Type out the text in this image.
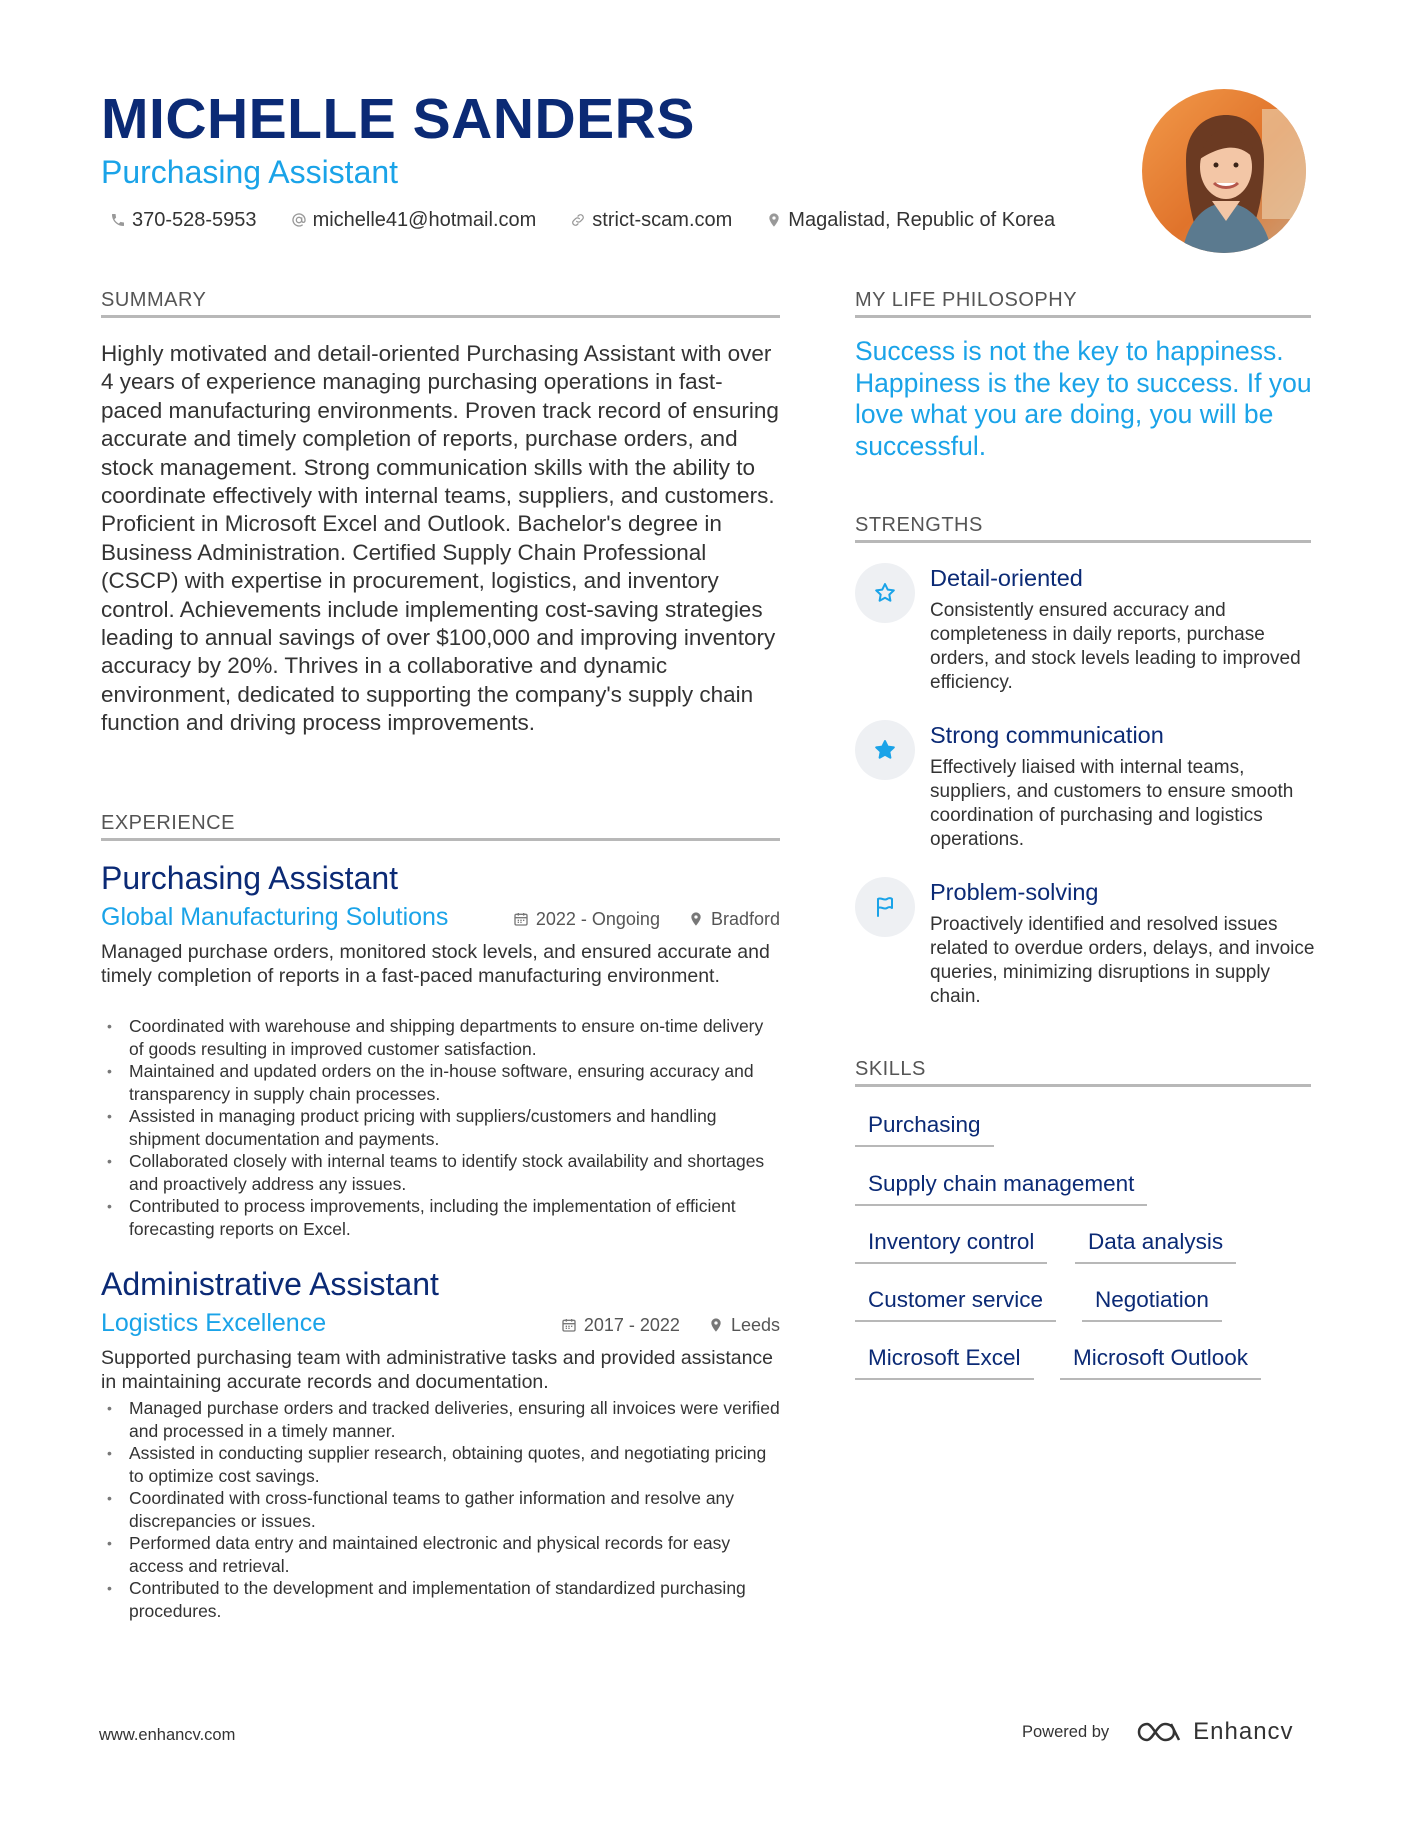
MICHELLE SANDERS
Purchasing Assistant
370-528-5953	michelle41@hotmail.com	strict-scam.com	Magalistad, Republic of Korea
SUMMARY
Highly motivated and detail-oriented Purchasing Assistant with over 4 years of experience managing purchasing operations in fast-paced manufacturing environments. Proven track record of ensuring accurate and timely completion of reports, purchase orders, and stock management. Strong communication skills with the ability to coordinate effectively with internal teams, suppliers, and customers. Proficient in Microsoft Excel and Outlook. Bachelor's degree in Business Administration. Certified Supply Chain Professional (CSCP) with expertise in procurement, logistics, and inventory control. Achievements include implementing cost-saving strategies leading to annual savings of over $100,000 and improving inventory accuracy by 20%. Thrives in a collaborative and dynamic environment, dedicated to supporting the company's supply chain function and driving process improvements.
EXPERIENCE
Purchasing Assistant
Global Manufacturing Solutions	2022 - Ongoing	Bradford
Managed purchase orders, monitored stock levels, and ensured accurate and timely completion of reports in a fast-paced manufacturing environment.
• Coordinated with warehouse and shipping departments to ensure on-time delivery of goods resulting in improved customer satisfaction.
• Maintained and updated orders on the in-house software, ensuring accuracy and transparency in supply chain processes.
• Assisted in managing product pricing with suppliers/customers and handling shipment documentation and payments.
• Collaborated closely with internal teams to identify stock availability and shortages and proactively address any issues.
• Contributed to process improvements, including the implementation of efficient forecasting reports on Excel.
Administrative Assistant
Logistics Excellence	2017 - 2022	Leeds
Supported purchasing team with administrative tasks and provided assistance in maintaining accurate records and documentation.
• Managed purchase orders and tracked deliveries, ensuring all invoices were verified and processed in a timely manner.
• Assisted in conducting supplier research, obtaining quotes, and negotiating pricing to optimize cost savings.
• Coordinated with cross-functional teams to gather information and resolve any discrepancies or issues.
• Performed data entry and maintained electronic and physical records for easy access and retrieval.
• Contributed to the development and implementation of standardized purchasing procedures.
MY LIFE PHILOSOPHY
Success is not the key to happiness. Happiness is the key to success. If you love what you are doing, you will be successful.
STRENGTHS
Detail-oriented
Consistently ensured accuracy and completeness in daily reports, purchase orders, and stock levels leading to improved efficiency.
Strong communication
Effectively liaised with internal teams, suppliers, and customers to ensure smooth coordination of purchasing and logistics operations.
Problem-solving
Proactively identified and resolved issues related to overdue orders, delays, and invoice queries, minimizing disruptions in supply chain.
SKILLS
Purchasing
Supply chain management
Inventory control	Data analysis
Customer service	Negotiation
Microsoft Excel	Microsoft Outlook
www.enhancv.com	Powered by	Enhancv
